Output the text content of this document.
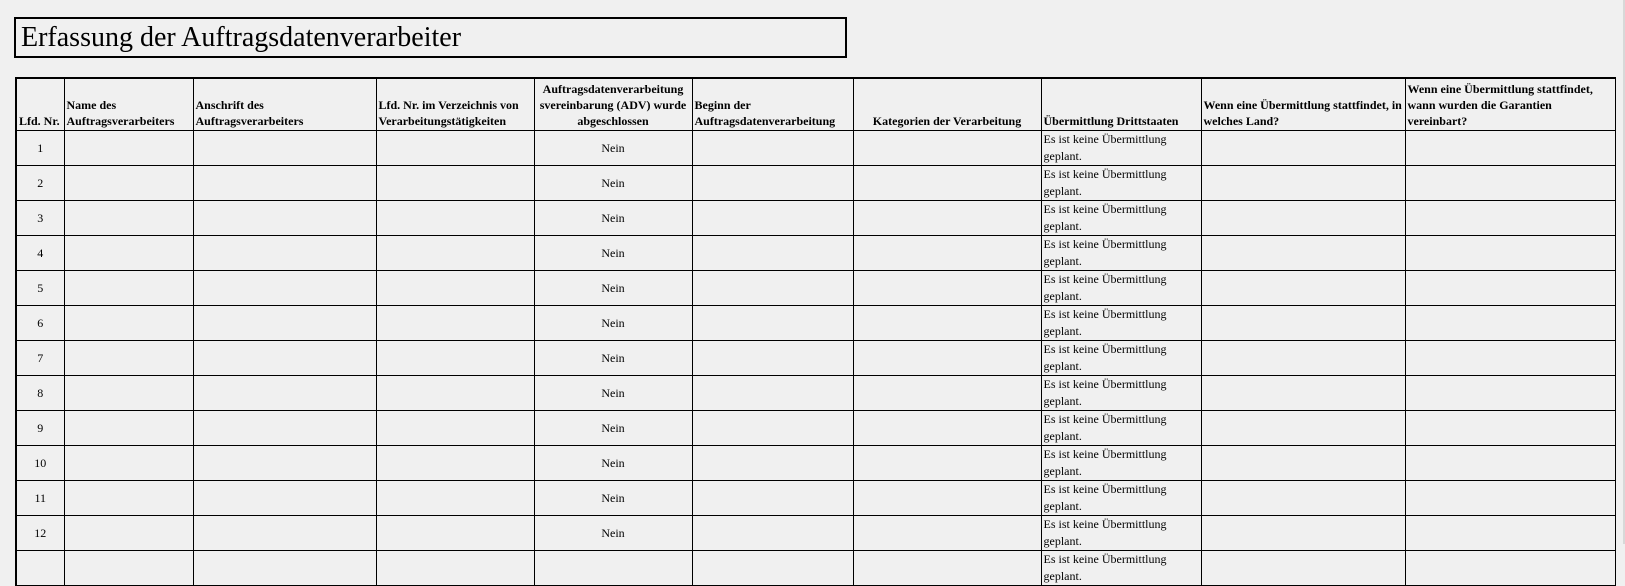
Erfassung der Auftragsdatenverarbeiter
Lfd. Nr.	Name des Auftragsverarbeiters	Anschrift des Auftragsverarbeiters	Lfd. Nr. im Verzeichnis von Verarbeitungstätigkeiten	Auftragsdatenverarbeitung svereinbarung (ADV) wurde abgeschlossen	Beginn der Auftragsdatenverarbeitung	Kategorien der Verarbeitung	Übermittlung Drittstaaten	Wenn eine Übermittlung stattfindet, in welches Land?	Wenn eine Übermittlung stattfindet, wann wurden die Garantien vereinbart?
1				Nein			Es ist keine Übermittlung geplant.		
2				Nein			Es ist keine Übermittlung geplant.		
3				Nein			Es ist keine Übermittlung geplant.		
4				Nein			Es ist keine Übermittlung geplant.		
5				Nein			Es ist keine Übermittlung geplant.		
6				Nein			Es ist keine Übermittlung geplant.		
7				Nein			Es ist keine Übermittlung geplant.		
8				Nein			Es ist keine Übermittlung geplant.		
9				Nein			Es ist keine Übermittlung geplant.		
10				Nein			Es ist keine Übermittlung geplant.		
11				Nein			Es ist keine Übermittlung geplant.		
12				Nein			Es ist keine Übermittlung geplant.		
							Es ist keine Übermittlung geplant.		
